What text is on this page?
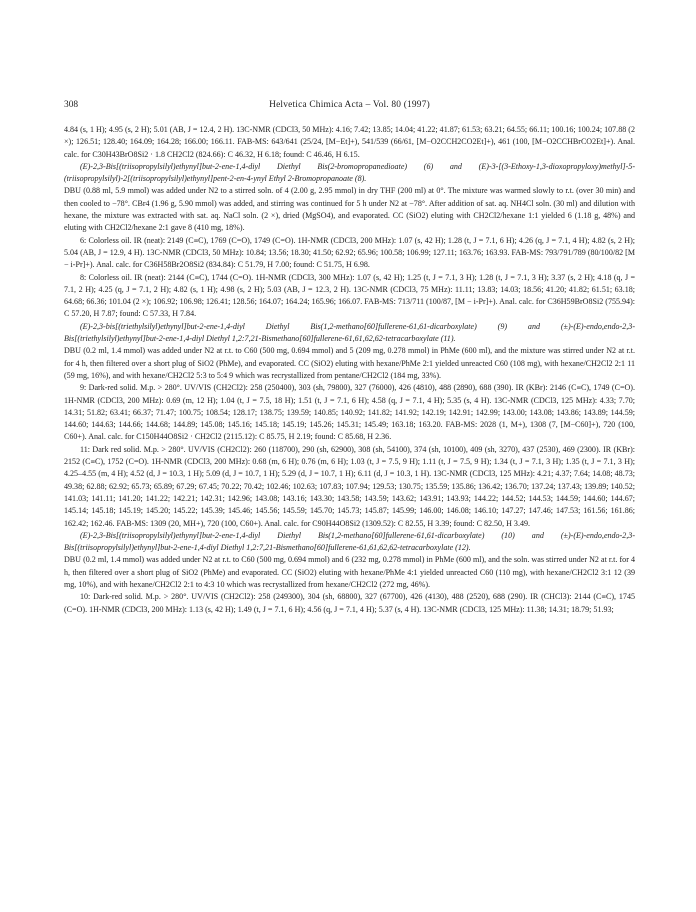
308	Helvetica Chimica Acta – Vol. 80 (1997)

4.84 (s, 1 H); 4.95 (s, 2 H); 5.01 (AB, J = 12.4, 2 H). 13C-NMR (CDCl3, 50 MHz): 4.16; 7.42; 13.85; 14.04; 41.22; 41.87; 61.53; 63.21; 64.55; 66.11; 100.16; 100.24; 107.88 (2 ×); 126.51; 128.40; 164.09; 164.28; 166.00; 166.11. FAB-MS: 643/641 (25/24, [M−Et]+), 541/539 (66/61, [M−O2CCH2CO2Et]+), 461 (100, [M−O2CCHBrCO2Et]+). Anal. calc. for C30H43BrO8Si2 · 1.8 CH2Cl2 (824.66): C 46.32, H 6.18; found: C 46.46, H 6.15.

(E)-2,3-Bis[(triisopropylsilyl)ethynyl]but-2-ene-1,4-diyl Diethyl Bis(2-bromopropanedioate) (6) and (E)-3-[(3-Ethoxy-1,3-dioxopropyloxy)methyl]-5-(triisopropylsilyl)-2[(triisopropylsilyl)ethynyl]pent-2-en-4-ynyl Ethyl 2-Bromopropanoate (8).

DBU (0.88 ml, 5.9 mmol) was added under N2 to a stirred soln. of 4 (2.00 g, 2.95 mmol) in dry THF (200 ml) at 0°. The mixture was warmed slowly to r.t. (over 30 min) and then cooled to −78°. CBr4 (1.96 g, 5.90 mmol) was added, and stirring was continued for 5 h under N2 at −78°. After addition of sat. aq. NH4Cl soln. (30 ml) and dilution with hexane, the mixture was extracted with sat. aq. NaCl soln. (2 ×), dried (MgSO4), and evaporated. CC (SiO2) eluting with CH2Cl2/hexane 1:1 yielded 6 (1.18 g, 48%) and eluting with CH2Cl2/hexane 2:1 gave 8 (410 mg, 18%).

6: Colorless oil. IR (neat): 2149 (C≡C), 1769 (C=O), 1749 (C=O). 1H-NMR (CDCl3, 200 MHz): 1.07 (s, 42 H); 1.28 (t, J = 7.1, 6 H); 4.26 (q, J = 7.1, 4 H); 4.82 (s, 2 H); 5.04 (AB, J = 12.9, 4 H). 13C-NMR (CDCl3, 50 MHz): 10.84; 13.56; 18.30; 41.50; 62.92; 65.96; 100.58; 106.99; 127.11; 163.76; 163.93. FAB-MS: 793/791/789 (80/100/82 [M − i-Pr]+). Anal. calc. for C36H58Br2O8Si2 (834.84): C 51.79, H 7.00; found: C 51.75, H 6.98.

8: Colorless oil. IR (neat): 2144 (C≡C), 1744 (C=O). 1H-NMR (CDCl3, 300 MHz): 1.07 (s, 42 H); 1.25 (t, J = 7.1, 3 H); 1.28 (t, J = 7.1, 3 H); 3.37 (s, 2 H); 4.18 (q, J = 7.1, 2 H); 4.25 (q, J = 7.1, 2 H); 4.82 (s, 1 H); 4.98 (s, 2 H); 5.03 (AB, J = 12.3, 2 H). 13C-NMR (CDCl3, 75 MHz): 11.11; 13.83; 14.03; 18.56; 41.20; 41.82; 61.51; 63.18; 64.68; 66.36; 101.04 (2 ×); 106.92; 106.98; 126.41; 128.56; 164.07; 164.24; 165.96; 166.07. FAB-MS: 713/711 (100/87, [M − i-Pr]+). Anal. calc. for C36H59BrO8Si2 (755.94): C 57.20, H 7.87; found: C 57.33, H 7.84.

(E)-2,3-bis[(triethylsilyl)ethynyl]but-2-ene-1,4-diyl Diethyl Bis(1,2-methano[60]fullerene-61,61-dicarboxylate) (9) and (±)-(E)-endo,endo-2,3-Bis[(triethylsilyl)ethynyl]but-2-ene-1,4-diyl Diethyl 1,2:7,21-Bismethano[60]fullerene-61,61,62,62-tetracarboxylate (11).

DBU (0.2 ml, 1.4 mmol) was added under N2 at r.t. to C60 (500 mg, 0.694 mmol) and 5 (209 mg, 0.278 mmol) in PhMe (600 ml), and the mixture was stirred under N2 at r.t. for 4 h, then filtered over a short plug of SiO2 (PhMe), and evaporated. CC (SiO2) eluting with hexane/PhMe 2:1 yielded unreacted C60 (108 mg), with hexane/CH2Cl2 2:1 11 (59 mg, 16%), and with hexane/CH2Cl2 5:3 to 5:4 9 which was recrystallized from pentane/CH2Cl2 (184 mg, 33%).

9: Dark-red solid. M.p. > 280°. UV/VIS (CH2Cl2): 258 (250400), 303 (sh, 79800), 327 (76000), 426 (4810), 488 (2890), 688 (390). IR (KBr): 2146 (C≡C), 1749 (C=O). 1H-NMR (CDCl3, 200 MHz): 0.69 (m, 12 H); 1.04 (t, J = 7.5, 18 H); 1.51 (t, J = 7.1, 6 H); 4.58 (q, J = 7.1, 4 H); 5.35 (s, 4 H). 13C-NMR (CDCl3, 125 MHz): 4.33; 7.70; 14.31; 51.82; 63.41; 66.37; 71.47; 100.75; 108.54; 128.17; 138.75; 139.59; 140.85; 140.92; 141.82; 141.92; 142.19; 142.91; 142.99; 143.00; 143.08; 143.86; 143.89; 144.59; 144.60; 144.63; 144.66; 144.68; 144.89; 145.08; 145.16; 145.18; 145.19; 145.26; 145.31; 145.49; 163.18; 163.20. FAB-MS: 2028 (1, M+), 1308 (7, [M−C60]+), 720 (100, C60+). Anal. calc. for C150H44O8Si2 · CH2Cl2 (2115.12): C 85.75, H 2.19; found: C 85.68, H 2.36.

11: Dark red solid. M.p. > 280°. UV/VIS (CH2Cl2): 260 (118700), 290 (sh, 62900), 308 (sh, 54100), 374 (sh, 10100), 409 (sh, 3270), 437 (2530), 469 (2300). IR (KBr): 2152 (C≡C), 1752 (C=O). 1H-NMR (CDCl3, 200 MHz): 0.68 (m, 6 H); 0.76 (m, 6 H); 1.03 (t, J = 7.5, 9 H); 1.11 (t, J = 7.5, 9 H); 1.34 (t, J = 7.1, 3 H); 1.35 (t, J = 7.1, 3 H); 4.25–4.55 (m, 4 H); 4.52 (d, J = 10.3, 1 H); 5.09 (d, J = 10.7, 1 H); 5.29 (d, J = 10.7, 1 H); 6.11 (d, J = 10.3, 1 H). 13C-NMR (CDCl3, 125 MHz): 4.21; 4.37; 7.64; 14.08; 48.73; 49.38; 62.88; 62.92; 65.73; 65.89; 67.29; 67.45; 70.22; 70.42; 102.46; 102.63; 107.83; 107.94; 129.53; 130.75; 135.59; 135.86; 136.42; 136.70; 137.24; 137.43; 139.89; 140.52; 141.03; 141.11; 141.20; 141.22; 142.21; 142.31; 142.96; 143.08; 143.16; 143.30; 143.58; 143.59; 143.62; 143.91; 143.93; 144.22; 144.52; 144.53; 144.59; 144.60; 144.67; 145.14; 145.18; 145.19; 145.20; 145.22; 145.39; 145.46; 145.56; 145.59; 145.70; 145.73; 145.87; 145.99; 146.00; 146.08; 146.10; 147.27; 147.46; 147.53; 161.56; 161.86; 162.42; 162.46. FAB-MS: 1309 (20, MH+), 720 (100, C60+). Anal. calc. for C90H44O8Si2 (1309.52): C 82.55, H 3.39; found: C 82.50, H 3.49.

(E)-2,3-Bis[(triisopropylsilyl)ethynyl]but-2-ene-1,4-diyl Diethyl Bis(1,2-methano[60]fullerene-61,61-dicarboxylate) (10) and (±)-(E)-endo,endo-2,3-Bis[(triisopropylsilyl)ethynyl]but-2-ene-1,4-diyl Diethyl 1,2:7,21-Bismethano[60]fullerene-61,61,62,62-tetracarboxylate (12).

DBU (0.2 ml, 1.4 mmol) was added under N2 at r.t. to C60 (500 mg, 0.694 mmol) and 6 (232 mg, 0.278 mmol) in PhMe (600 ml), and the soln. was stirred under N2 at r.t. for 4 h, then filtered over a short plug of SiO2 (PhMe) and evaporated. CC (SiO2) eluting with hexane/PhMe 4:1 yielded unreacted C60 (110 mg), with hexane/CH2Cl2 3:1 12 (39 mg, 10%), and with hexane/CH2Cl2 2:1 to 4:3 10 which was recrystallized from hexane/CH2Cl2 (272 mg, 46%).

10: Dark-red solid. M.p. > 280°. UV/VIS (CH2Cl2): 258 (249300), 304 (sh, 68800), 327 (67700), 426 (4130), 488 (2520), 688 (290). IR (CHCl3): 2144 (C≡C), 1745 (C=O). 1H-NMR (CDCl3, 200 MHz): 1.13 (s, 42 H); 1.49 (t, J = 7.1, 6 H); 4.56 (q, J = 7.1, 4 H); 5.37 (s, 4 H). 13C-NMR (CDCl3, 125 MHz): 11.38; 14.31; 18.79; 51.93;
